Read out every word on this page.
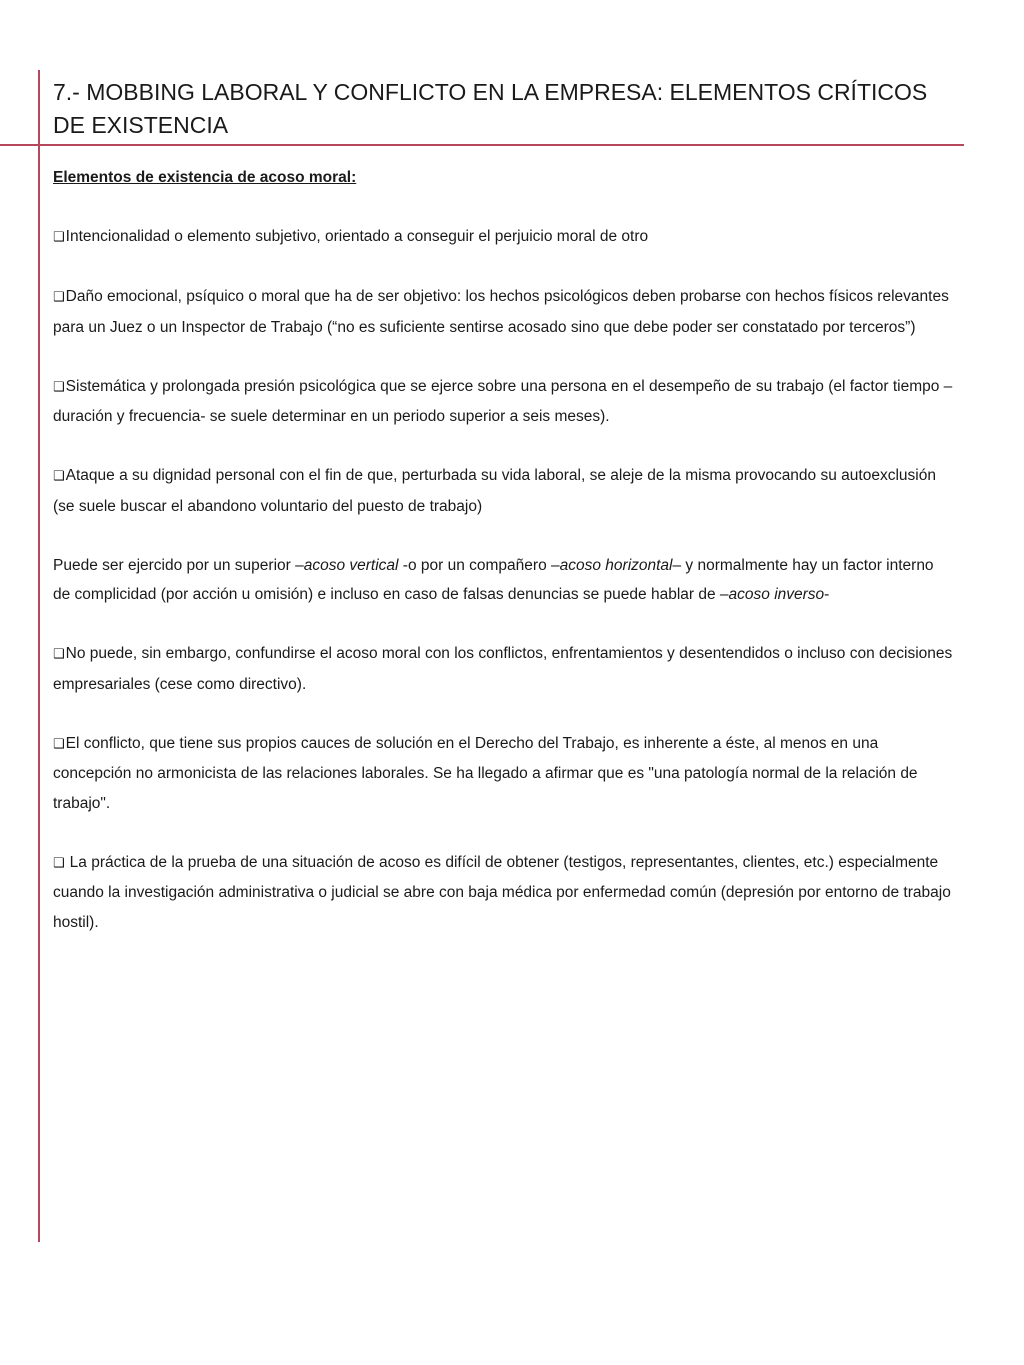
7.- MOBBING LABORAL Y CONFLICTO EN LA EMPRESA: ELEMENTOS CRÍTICOS DE EXISTENCIA

Elementos de existencia de acoso moral:

❑Intencionalidad o elemento subjetivo, orientado a conseguir el perjuicio moral de otro

❑Daño emocional, psíquico o moral que ha de ser objetivo: los hechos psicológicos deben probarse con hechos físicos relevantes para un Juez o un Inspector de Trabajo (“no es suficiente sentirse acosado sino que debe poder ser constatado por terceros”)

❑Sistemática y prolongada presión psicológica que se ejerce sobre una persona en el desempeño de su trabajo (el factor tiempo –duración y frecuencia- se suele determinar en un periodo superior a seis meses).

❑Ataque a su dignidad personal con el fin de que, perturbada su vida laboral, se aleje de la misma provocando su autoexclusión (se suele buscar el abandono voluntario del puesto de trabajo)

Puede ser ejercido por un superior –acoso vertical -o por un compañero –acoso horizontal– y normalmente hay un factor interno de complicidad (por acción u omisión) e incluso en caso de falsas denuncias se puede hablar de –acoso inverso-

❑No puede, sin embargo, confundirse el acoso moral con los conflictos, enfrentamientos y desentendidos o incluso con decisiones empresariales (cese como directivo).

❑El conflicto, que tiene sus propios cauces de solución en el Derecho del Trabajo, es inherente a éste, al menos en una concepción no armonicista de las relaciones laborales. Se ha llegado a afirmar que es "una patología normal de la relación de trabajo".

❑ La práctica de la prueba de una situación de acoso es difícil de obtener (testigos, representantes, clientes, etc.) especialmente cuando la investigación administrativa o judicial se abre con baja médica por enfermedad común (depresión por entorno de trabajo hostil).
